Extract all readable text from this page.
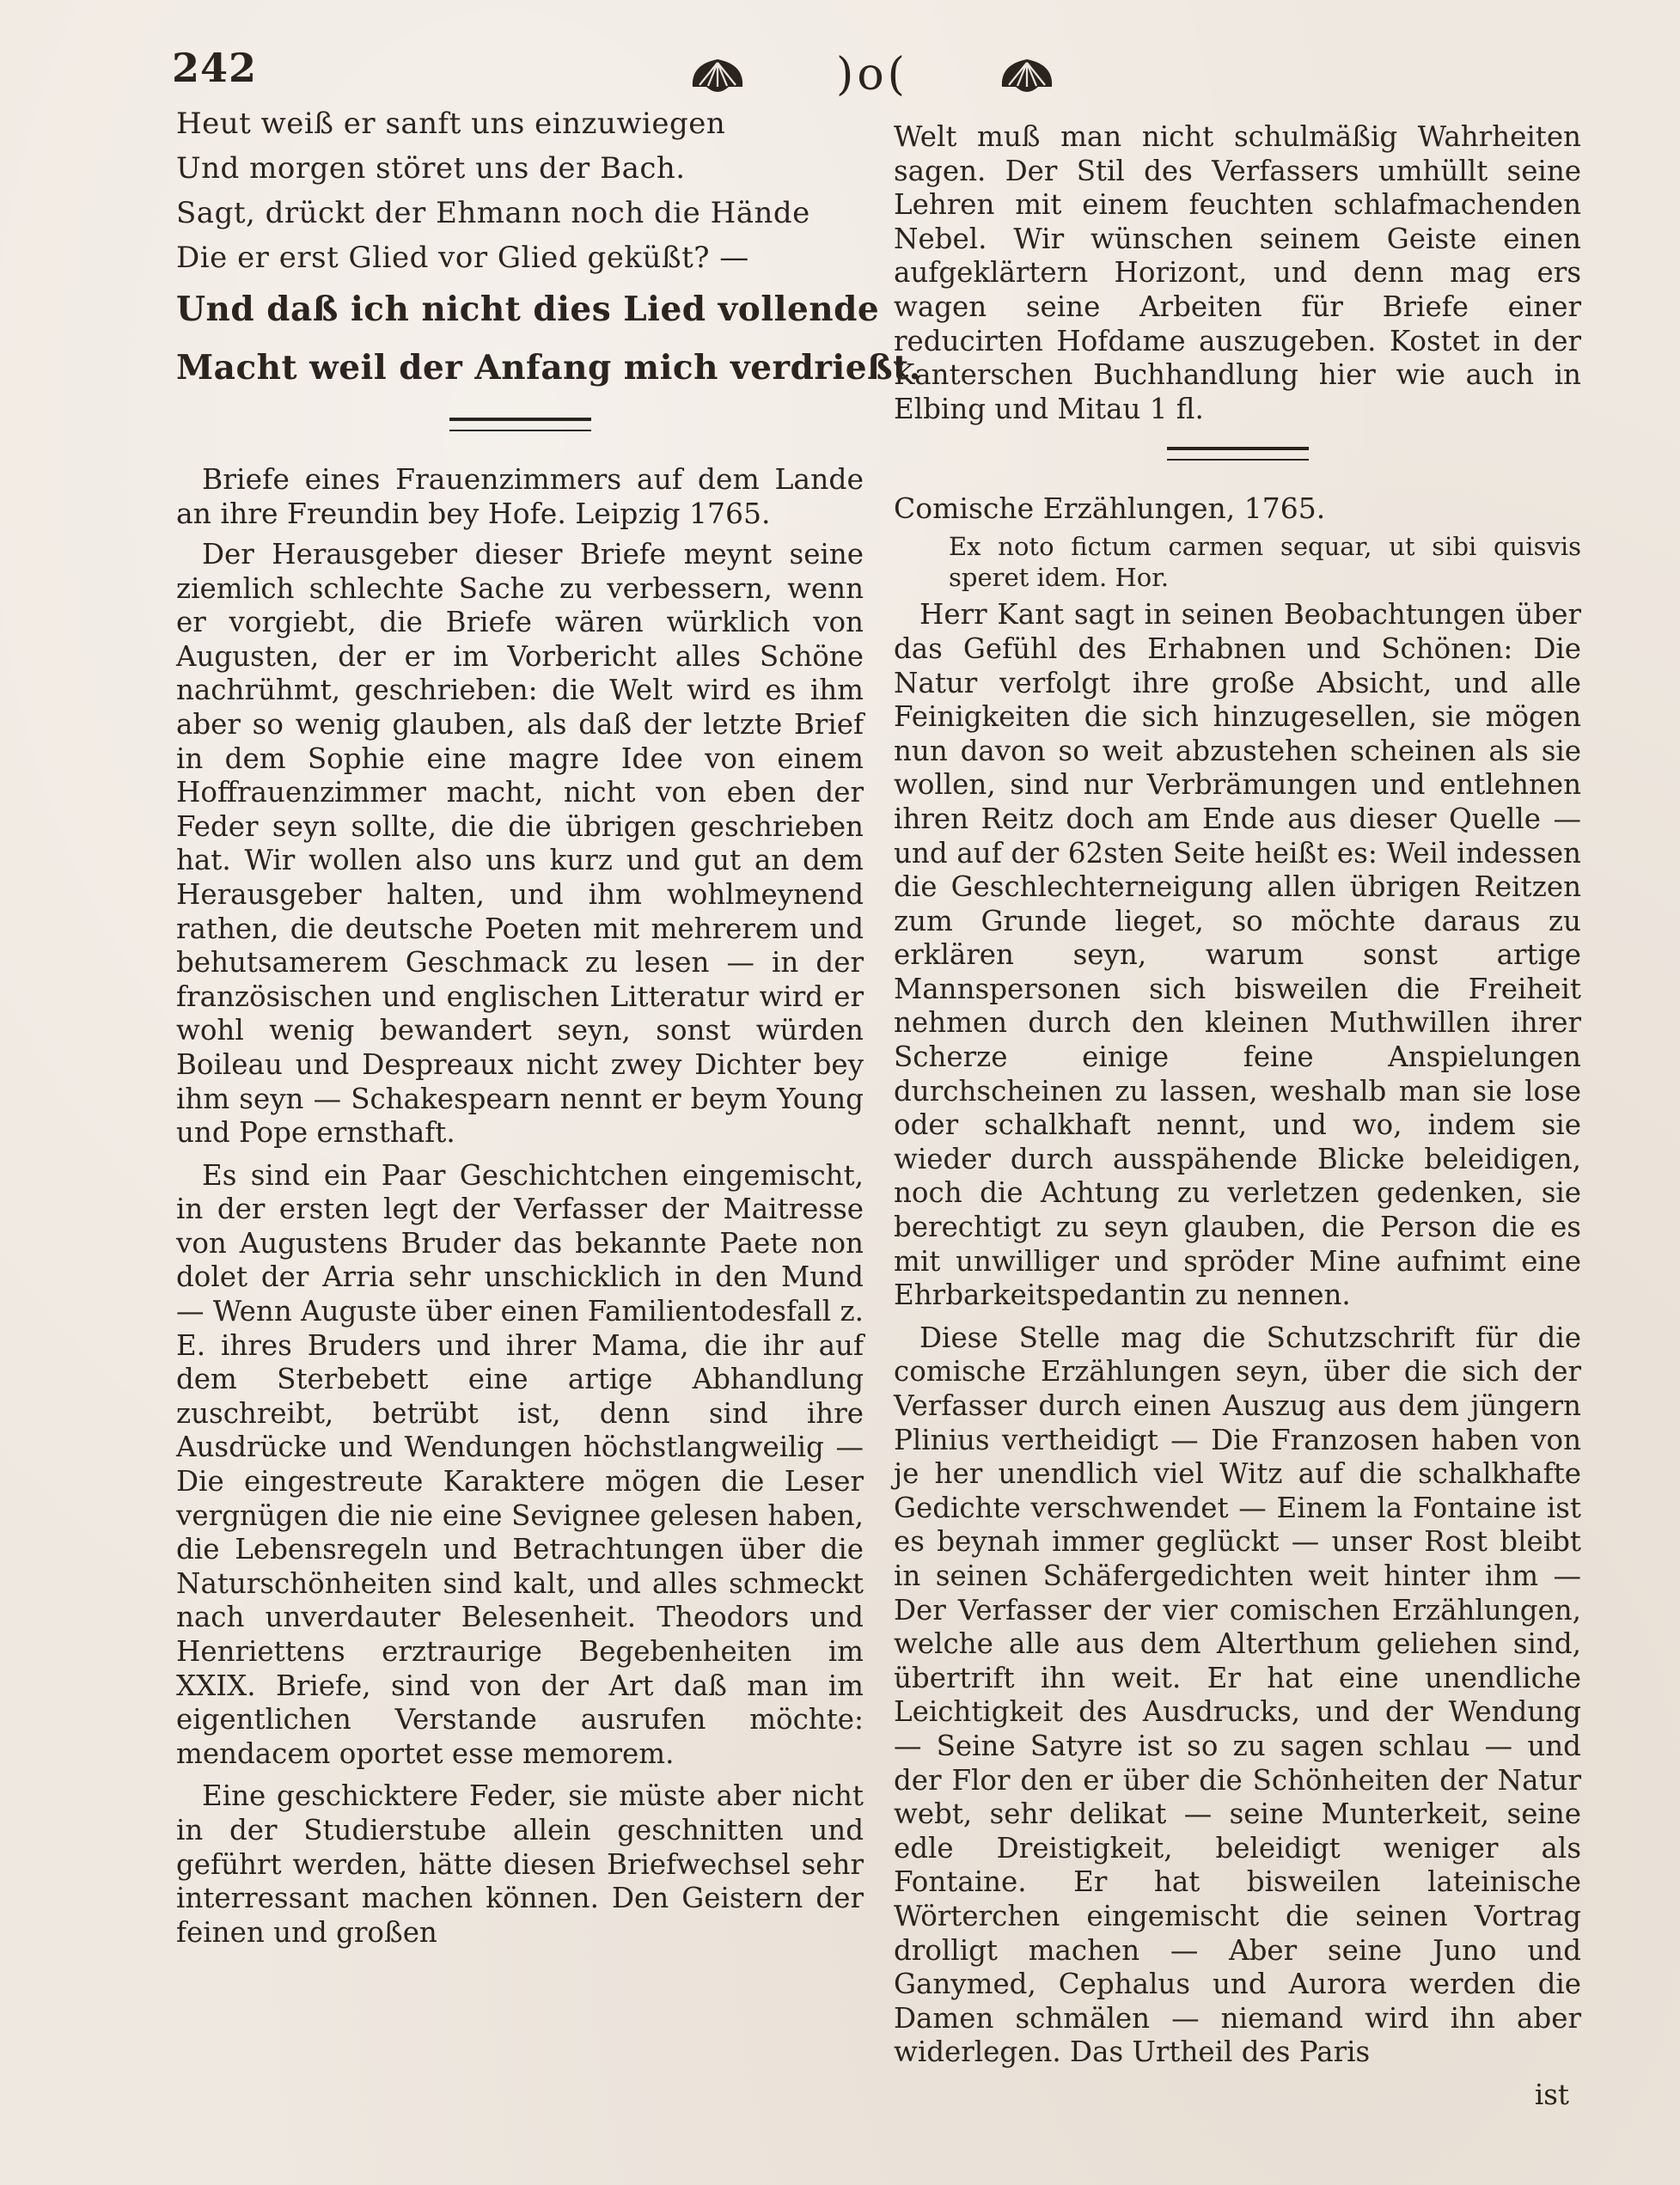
242	)o(
Heut weiß er sanft uns einzuwiegen
Und morgen störet uns der Bach.
Sagt, drückt der Ehmann noch die Hände
Die er erst Glied vor Glied geküßt? —
Und daß ich nicht dies Lied vollende
Macht weil der Anfang mich verdrießt.

Briefe eines Frauenzimmers auf dem Lande an ihre Freundin bey Hofe. Leipzig 1765.

Der Herausgeber dieser Briefe meynt seine ziemlich schlechte Sache zu verbessern, wenn er vorgiebt, die Briefe wären würklich von Augusten, der er im Vorbericht alles Schöne nachrühmt, geschrieben: die Welt wird es ihm aber so wenig glauben, als daß der letzte Brief in dem Sophie eine magre Idee von einem Hoffrauenzimmer macht, nicht von eben der Feder seyn sollte, die die übrigen geschrieben hat. Wir wollen also uns kurz und gut an dem Herausgeber halten, und ihm wohlmeynend rathen, die deutsche Poeten mit mehrerem und behutsamerem Geschmack zu lesen — in der französischen und englischen Litteratur wird er wohl wenig bewandert seyn, sonst würden Boileau und Despreaux nicht zwey Dichter bey ihm seyn — Schakespearn nennt er beym Young und Pope ernsthaft.

Es sind ein Paar Geschichtchen eingemischt, in der ersten legt der Verfasser der Maitresse von Augustens Bruder das bekannte Paete non dolet der Arria sehr unschicklich in den Mund — Wenn Auguste über einen Familientodesfall z. E. ihres Bruders und ihrer Mama, die ihr auf dem Sterbebett eine artige Abhandlung zuschreibt, betrübt ist, denn sind ihre Ausdrücke und Wendungen höchstlangweilig — Die eingestreute Karaktere mögen die Leser vergnügen die nie eine Sevignee gelesen haben, die Lebensregeln und Betrachtungen über die Naturschönheiten sind kalt, und alles schmeckt nach unverdauter Belesenheit. Theodors und Henriettens erztraurige Begebenheiten im XXIX. Briefe, sind von der Art daß man im eigentlichen Verstande ausrufen möchte: mendacem oportet esse memorem.

Eine geschicktere Feder, sie müste aber nicht in der Studierstube allein geschnitten und geführt werden, hätte diesen Briefwechsel sehr interressant machen können. Den Geistern der feinen und großen

Welt muß man nicht schulmäßig Wahrheiten sagen. Der Stil des Verfassers umhüllt seine Lehren mit einem feuchten schlafmachenden Nebel. Wir wünschen seinem Geiste einen aufgeklärtern Horizont, und denn mag ers wagen seine Arbeiten für Briefe einer reducirten Hofdame auszugeben. Kostet in der Kanterschen Buchhandlung hier wie auch in Elbing und Mitau 1 fl.

Comische Erzählungen, 1765.

Ex noto fictum carmen sequar, ut sibi quisvis speret idem. Hor.

Herr Kant sagt in seinen Beobachtungen über das Gefühl des Erhabnen und Schönen: Die Natur verfolgt ihre große Absicht, und alle Feinigkeiten die sich hinzugesellen, sie mögen nun davon so weit abzustehen scheinen als sie wollen, sind nur Verbrämungen und entlehnen ihren Reitz doch am Ende aus dieser Quelle — und auf der 62sten Seite heißt es: Weil indessen die Geschlechterneigung allen übrigen Reitzen zum Grunde lieget, so möchte daraus zu erklären seyn, warum sonst artige Mannspersonen sich bisweilen die Freiheit nehmen durch den kleinen Muthwillen ihrer Scherze einige feine Anspielungen durchscheinen zu lassen, weshalb man sie lose oder schalkhaft nennt, und wo, indem sie wieder durch ausspähende Blicke beleidigen, noch die Achtung zu verletzen gedenken, sie berechtigt zu seyn glauben, die Person die es mit unwilliger und spröder Mine aufnimt eine Ehrbarkeitspedantin zu nennen.

Diese Stelle mag die Schutzschrift für die comische Erzählungen seyn, über die sich der Verfasser durch einen Auszug aus dem jüngern Plinius vertheidigt — Die Franzosen haben von je her unendlich viel Witz auf die schalkhafte Gedichte verschwendet — Einem la Fontaine ist es beynah immer geglückt — unser Rost bleibt in seinen Schäfergedichten weit hinter ihm — Der Verfasser der vier comischen Erzählungen, welche alle aus dem Alterthum geliehen sind, übertrift ihn weit. Er hat eine unendliche Leichtigkeit des Ausdrucks, und der Wendung — Seine Satyre ist so zu sagen schlau — und der Flor den er über die Schönheiten der Natur webt, sehr delikat — seine Munterkeit, seine edle Dreistigkeit, beleidigt weniger als Fontaine. Er hat bisweilen lateinische Wörterchen eingemischt die seinen Vortrag drolligt machen — Aber seine Juno und Ganymed, Cephalus und Aurora werden die Damen schmälen — niemand wird ihn aber widerlegen. Das Urtheil des Paris

ist
